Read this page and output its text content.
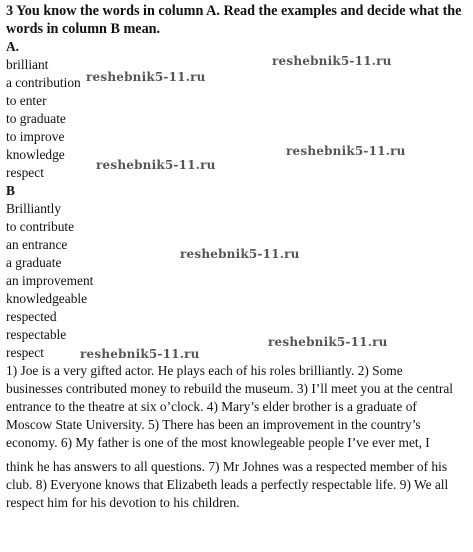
3 You know the words in column A. Read the examples and decide what the
words in column B mean.
A.
brilliant
a contribution
to enter
to graduate
to improve
knowledge
respect
B
Brilliantly
to contribute
an entrance
a graduate
an improvement
knowledgeable
respected
respectable
respect
1) Joe is a very gifted actor. He plays each of his roles brilliantly. 2) Some
businesses contributed money to rebuild the museum. 3) I’ll meet you at the central
entrance to the theatre at six o’clock. 4) Mary’s elder brother is a graduate of
Moscow State University. 5) There has been an improvement in the country’s
economy. 6) My father is one of the most knowlegeable people I’ve ever met, I
think he has answers to all questions. 7) Mr Johnes was a respected member of his
club. 8) Everyone knows that Elizabeth leads a perfectly respectable life. 9) We all
respect him for his devotion to his children.
reshebnik5-11.ru
reshebnik5-11.ru
reshebnik5-11.ru
reshebnik5-11.ru
reshebnik5-11.ru
reshebnik5-11.ru
reshebnik5-11.ru
